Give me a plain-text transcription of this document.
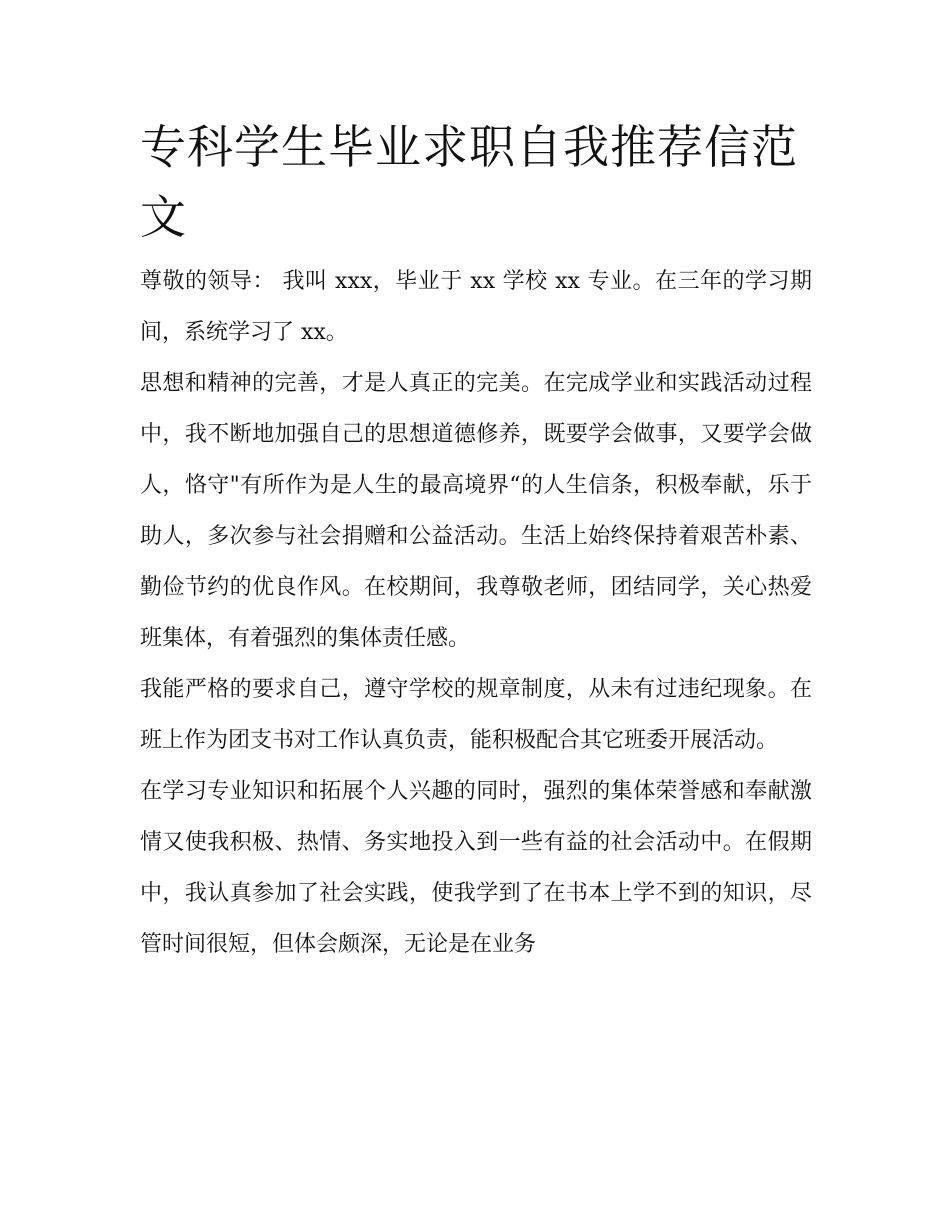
专科学生毕业求职自我推荐信范文

尊敬的领导： 我叫 xxx，毕业于 xx 学校 xx 专业。在三年的学习期间，系统学习了 xx。

思想和精神的完善，才是人真正的完美。在完成学业和实践活动过程中，我不断地加强自己的思想道德修养，既要学会做事，又要学会做人，恪守"有所作为是人生的最高境界“的人生信条，积极奉献，乐于助人，多次参与社会捐赠和公益活动。生活上始终保持着艰苦朴素、勤俭节约的优良作风。在校期间，我尊敬老师，团结同学，关心热爱班集体，有着强烈的集体责任感。

我能严格的要求自己，遵守学校的规章制度，从未有过违纪现象。在班上作为团支书对工作认真负责，能积极配合其它班委开展活动。

在学习专业知识和拓展个人兴趣的同时，强烈的集体荣誉感和奉献激情又使我积极、热情、务实地投入到一些有益的社会活动中。在假期中，我认真参加了社会实践，使我学到了在书本上学不到的知识，尽管时间很短，但体会颇深，无论是在业务
